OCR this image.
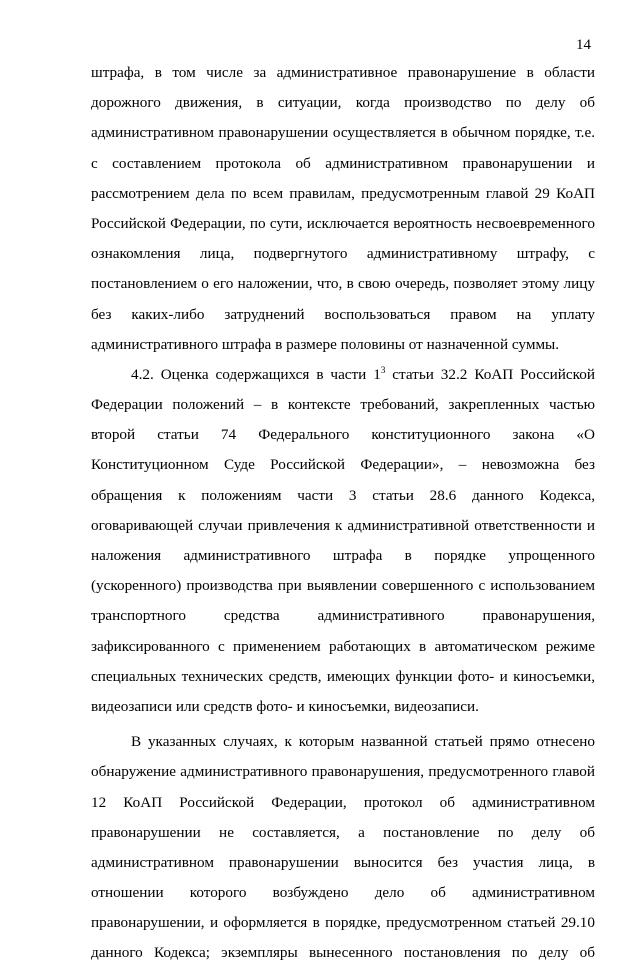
14
штрафа, в том числе за административное правонарушение в области
дорожного движения, в ситуации, когда производство по делу об
административном правонарушении осуществляется в обычном порядке, т.е.
с составлением протокола об административном правонарушении и
рассмотрением дела по всем правилам, предусмотренным главой 29 КоАП
Российской Федерации, по сути, исключается вероятность несвоевременного
ознакомления лица, подвергнутого административному штрафу, с
постановлением о его наложении, что, в свою очередь, позволяет этому лицу
без каких-либо затруднений воспользоваться правом на уплату
административного штрафа в размере половины от назначенной суммы.
4.2. Оценка содержащихся в части $1^3$ статьи 32.2 КоАП Российской
Федерации положений – в контексте требований, закрепленных частью
второй статьи 74 Федерального конституционного закона «О
Конституционном Суде Российской Федерации», – невозможна без
обращения к положениям части 3 статьи 28.6 данного Кодекса,
оговаривающей случаи привлечения к административной ответственности и
наложения административного штрафа в порядке упрощенного
(ускоренного) производства при выявлении совершенного с использованием
транспортного средства административного правонарушения,
зафиксированного с применением работающих в автоматическом режиме
специальных технических средств, имеющих функции фото- и киносъемки,
видеозаписи или средств фото- и киносъемки, видеозаписи.
В указанных случаях, к которым названной статьей прямо отнесено
обнаружение административного правонарушения, предусмотренного главой
12 КоАП Российской Федерации, протокол об административном
правонарушении не составляется, а постановление по делу об
административном правонарушении выносится без участия лица, в
отношении которого возбуждено дело об административном
правонарушении, и оформляется в порядке, предусмотренном статьей 29.10
данного Кодекса; экземпляры вынесенного постановления по делу об
